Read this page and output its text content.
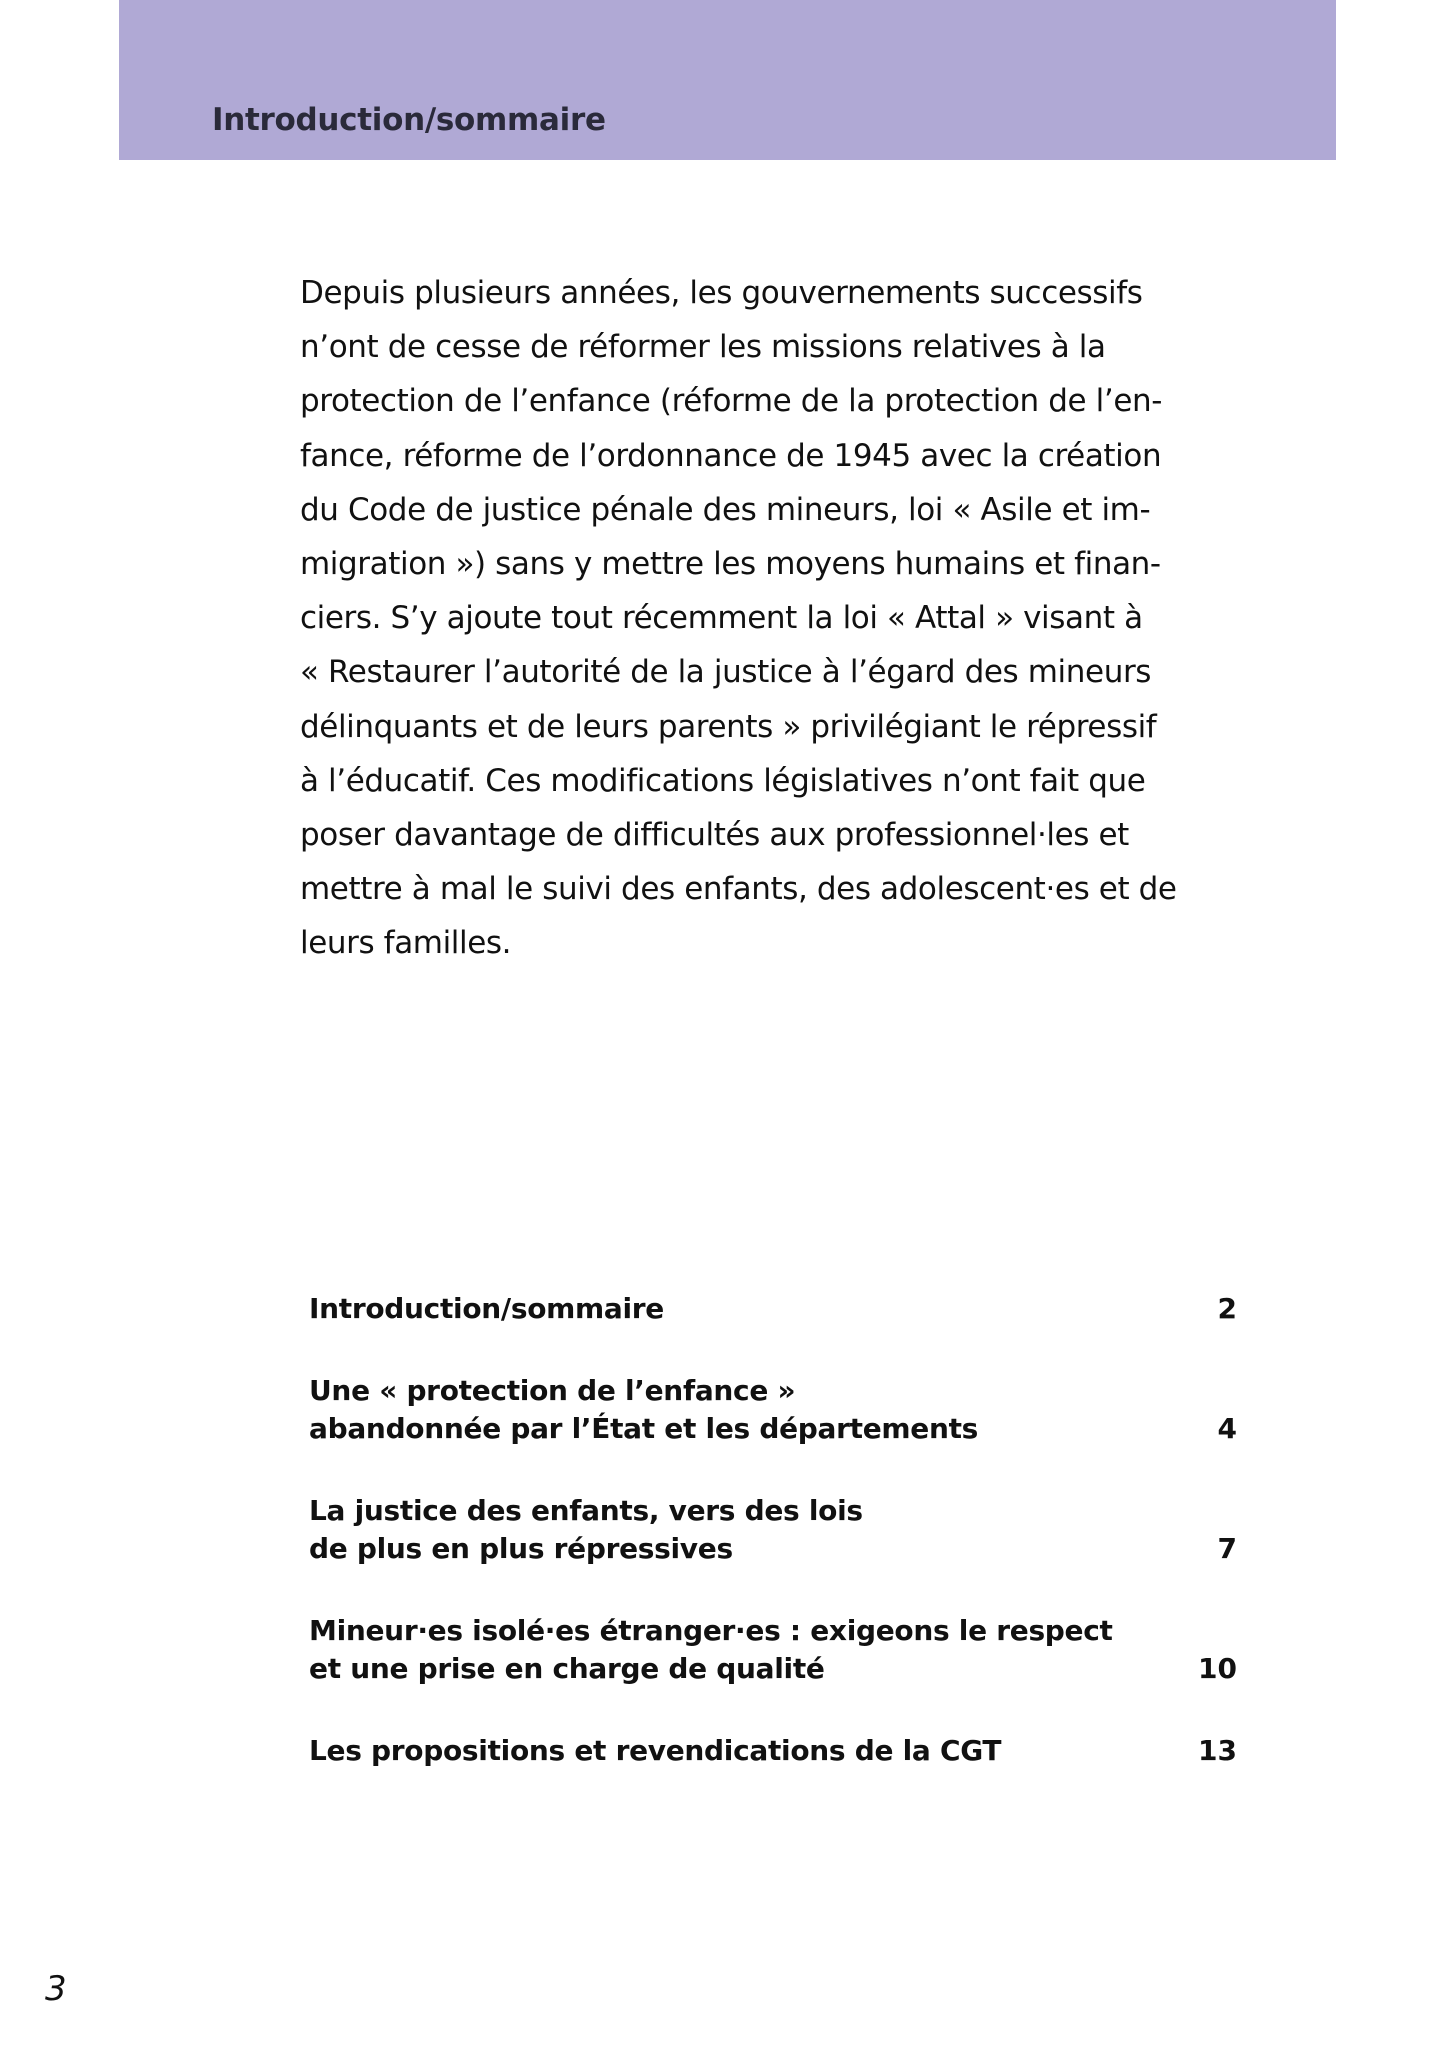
Introduction/sommaire
Depuis plusieurs années, les gouvernements successifs
n’ont de cesse de réformer les missions relatives à la
protection de l’enfance (réforme de la protection de l’en-
fance, réforme de l’ordonnance de 1945 avec la création
du Code de justice pénale des mineurs, loi « Asile et im-
migration ») sans y mettre les moyens humains et finan-
ciers. S’y ajoute tout récemment la loi « Attal » visant à
« Restaurer l’autorité de la justice à l’égard des mineurs
délinquants et de leurs parents » privilégiant le répressif
à l’éducatif. Ces modifications législatives n’ont fait que
poser davantage de difficultés aux professionnel·les et
mettre à mal le suivi des enfants, des adolescent·es et de
leurs familles.
Introduction/sommaire	2
Une « protection de l’enfance »
abandonnée par l’État et les départements	4
La justice des enfants, vers des lois
de plus en plus répressives	7
Mineur·es isolé·es étranger·es : exigeons le respect
et une prise en charge de qualité	10
Les propositions et revendications de la CGT	13
3
